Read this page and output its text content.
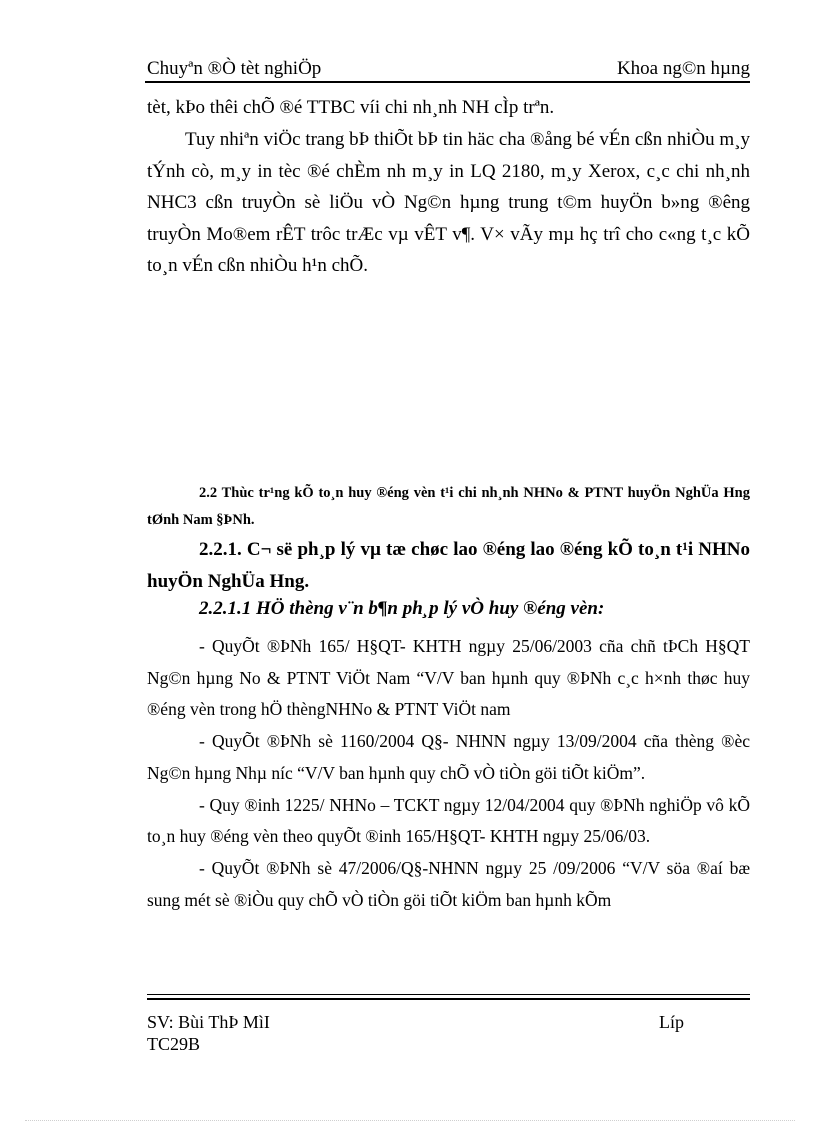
Chuyªn ®Ò tèt nghiÖp	Khoa ng©n hµng

tèt, kÞo thêi chÕ ®é TTBC víi chi nh¸nh NH cÌp trªn.

Tuy nhiªn viÖc trang bÞ thiÕt bÞ tin häc cha ®ång bé vÉn cßn nhiÒu m¸y tÝnh cò, m¸y in tèc ®é chÈm nh m¸y in LQ 2180, m¸y Xerox, c¸c chi nh¸nh NHC3 cßn truyÒn sè liÖu vÒ Ng©n hµng trung t©m huyÖn b»ng ®êng truyÒn Mo®em rÊT trôc trÆc vµ vÊT v¶. V× vÃy mµ hç trî cho c«ng t¸c kÕ to¸n vÉn cßn nhiÒu h¹n chÕ.

2.2 Thùc tr¹ng kÕ to¸n huy ®éng vèn t¹i chi nh¸nh NHNo & PTNT huyÖn NghÜa Hng tØnh Nam §ÞNh.

2.2.1. C¬ së ph¸p lý vµ tæ chøc lao ®éng lao ®éng kÕ to¸n t¹i NHNo huyÖn NghÜa Hng.

2.2.1.1 HÖ thèng v¨n b¶n ph¸p lý vÒ huy ®éng vèn:

- QuyÕt ®ÞNh 165/ H§QT- KHTH ngµy 25/06/2003 cña chñ tÞCh H§QT Ng©n hµng No & PTNT ViÖt Nam “V/V ban hµnh quy ®ÞNh c¸c h×nh thøc huy ®éng vèn trong hÖ thèngNHNo & PTNT ViÖt nam

- QuyÕt ®ÞNh sè 1160/2004 Q§- NHNN ngµy 13/09/2004 cña thèng ®èc Ng©n hµng Nhµ níc “V/V ban hµnh quy chÕ vÒ tiÒn göi tiÕt kiÖm”.

- Quy ®inh 1225/ NHNo – TCKT ngµy 12/04/2004 quy ®ÞNh nghiÖp vô kÕ to¸n huy ®éng vèn theo quyÕt ®inh 165/H§QT- KHTH ngµy 25/06/03.

- QuyÕt ®ÞNh sè 47/2006/Q§-NHNN ngµy 25 /09/2006 “V/V söa ®aí bæ sung mét sè ®iÒu quy chÕ vÒ tiÒn göi tiÕt kiÖm ban hµnh kÕm

SV: Bùi ThÞ MìI
TC29B
Líp
